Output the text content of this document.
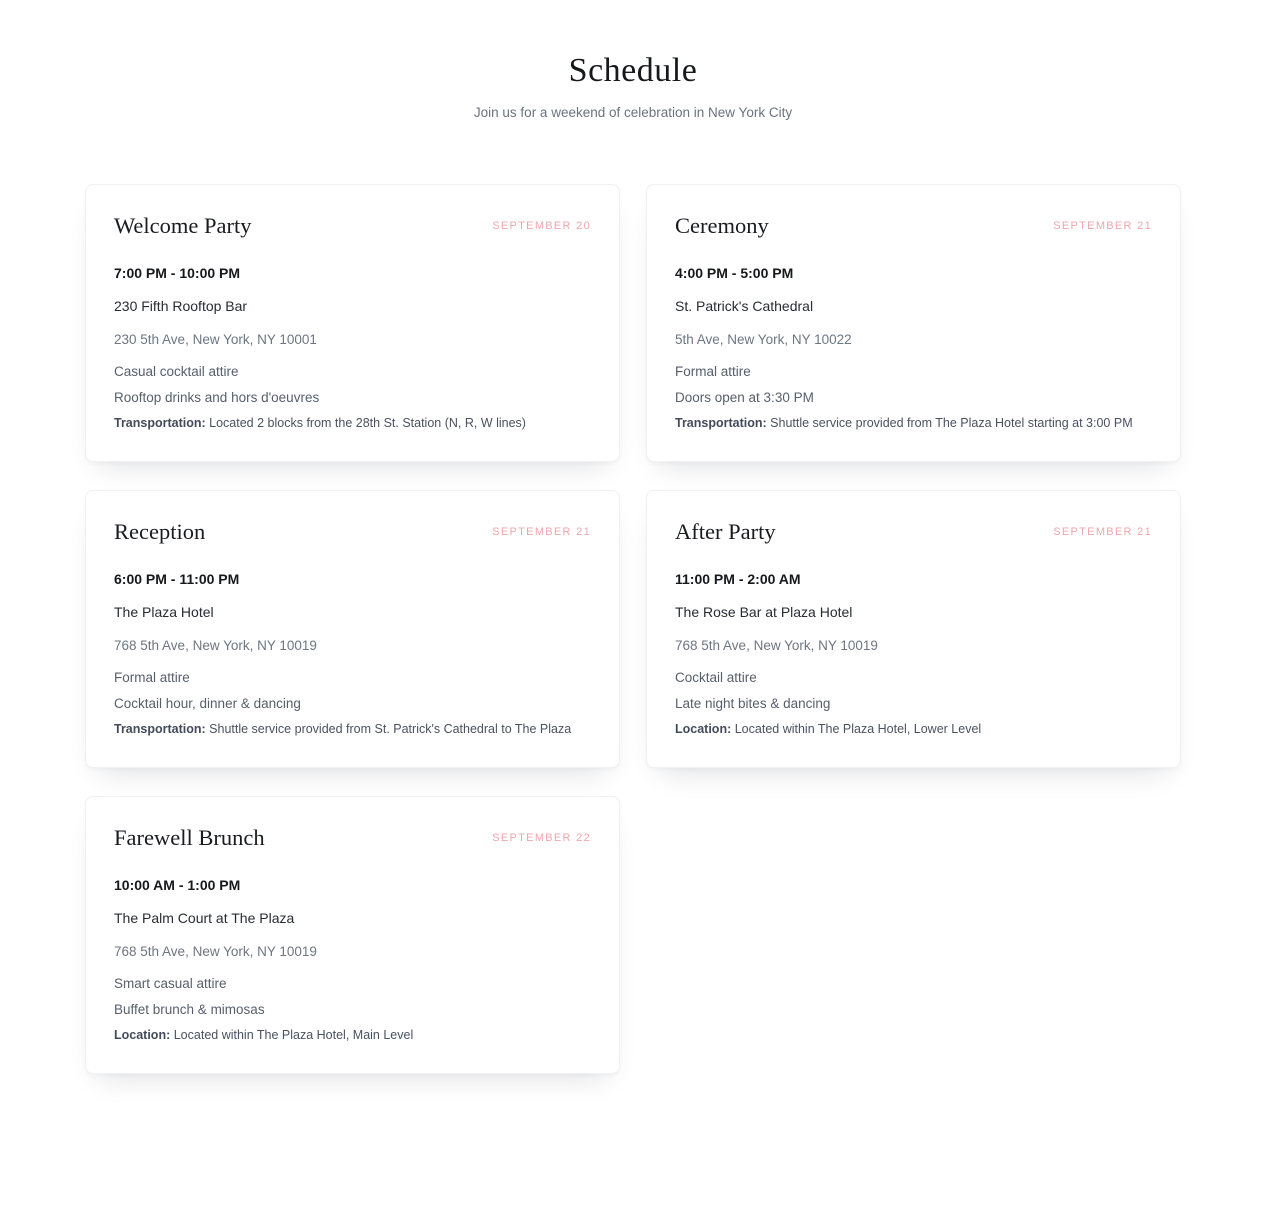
Schedule
Join us for a weekend of celebration in New York City
Welcome Party	SEPTEMBER 20
7:00 PM - 10:00 PM
230 Fifth Rooftop Bar
230 5th Ave, New York, NY 10001
Casual cocktail attire
Rooftop drinks and hors d'oeuvres
Transportation: Located 2 blocks from the 28th St. Station (N, R, W lines)
Ceremony	SEPTEMBER 21
4:00 PM - 5:00 PM
St. Patrick's Cathedral
5th Ave, New York, NY 10022
Formal attire
Doors open at 3:30 PM
Transportation: Shuttle service provided from The Plaza Hotel starting at 3:00 PM
Reception	SEPTEMBER 21
6:00 PM - 11:00 PM
The Plaza Hotel
768 5th Ave, New York, NY 10019
Formal attire
Cocktail hour, dinner & dancing
Transportation: Shuttle service provided from St. Patrick's Cathedral to The Plaza
After Party	SEPTEMBER 21
11:00 PM - 2:00 AM
The Rose Bar at Plaza Hotel
768 5th Ave, New York, NY 10019
Cocktail attire
Late night bites & dancing
Location: Located within The Plaza Hotel, Lower Level
Farewell Brunch	SEPTEMBER 22
10:00 AM - 1:00 PM
The Palm Court at The Plaza
768 5th Ave, New York, NY 10019
Smart casual attire
Buffet brunch & mimosas
Location: Located within The Plaza Hotel, Main Level
